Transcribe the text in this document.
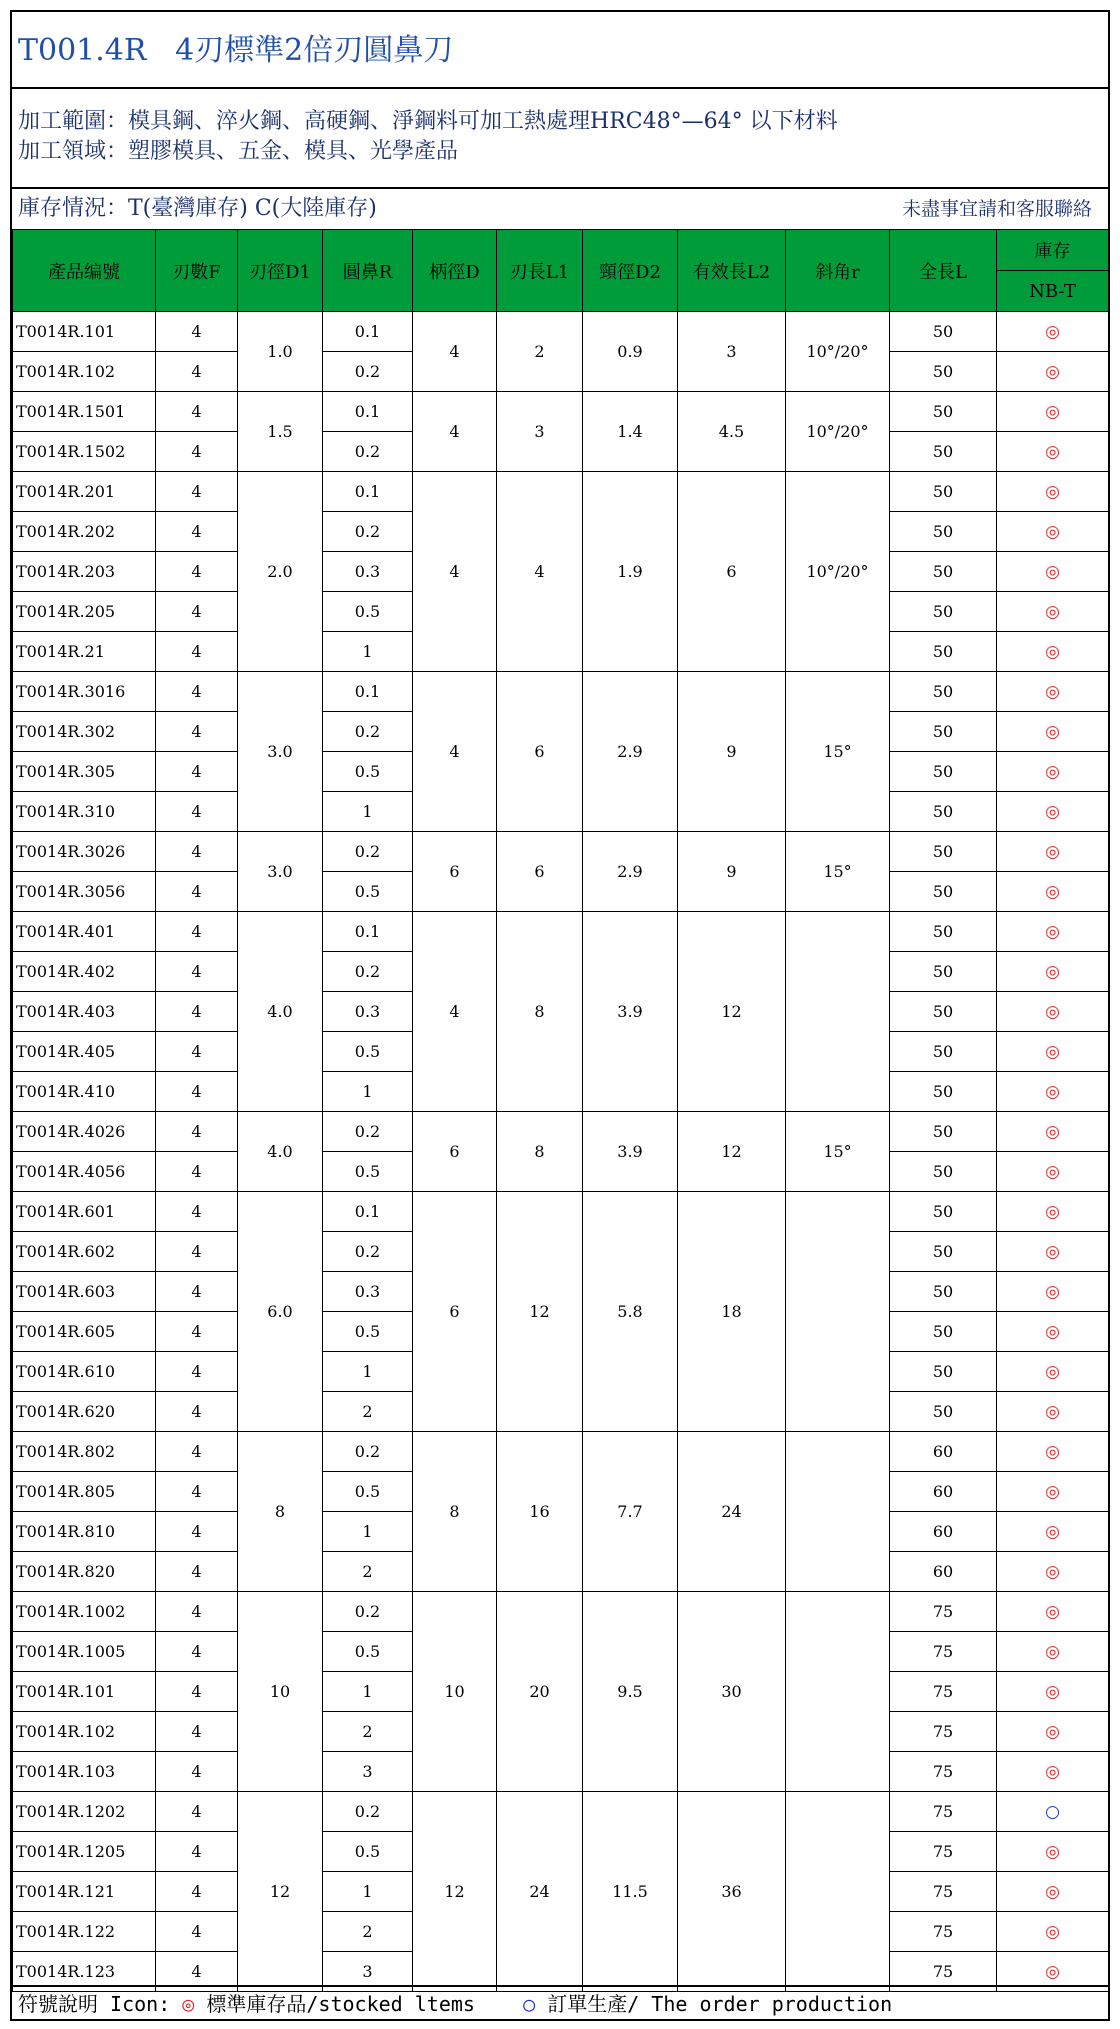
T001.4R   4刃標準2倍刃圓鼻刀
加工範圍：模具鋼、淬火鋼、高硬鋼、淨鋼料可加工熱處理HRC48°—64° 以下材料
加工領域：塑膠模具、五金、模具、光學產品
庫存情況：T(臺灣庫存) C(大陸庫存)	未盡事宜請和客服聯絡
產品编號	刃數F	刃徑D1	圓鼻R	柄徑D	刃長L1	頸徑D2	有效長L2	斜角r	全長L	庫存
										NB-T
T0014R.101	4	1.0	0.1	4	2	0.9	3	10°/20°	50	◎
T0014R.102	4		0.2						50	◎
T0014R.1501	4	1.5	0.1	4	3	1.4	4.5	10°/20°	50	◎
T0014R.1502	4		0.2						50	◎
T0014R.201	4	2.0	0.1	4	4	1.9	6	10°/20°	50	◎
T0014R.202	4		0.2						50	◎
T0014R.203	4		0.3						50	◎
T0014R.205	4		0.5						50	◎
T0014R.21	4		1						50	◎
T0014R.3016	4	3.0	0.1	4	6	2.9	9	15°	50	◎
T0014R.302	4		0.2						50	◎
T0014R.305	4		0.5						50	◎
T0014R.310	4		1						50	◎
T0014R.3026	4	3.0	0.2	6	6	2.9	9	15°	50	◎
T0014R.3056	4		0.5						50	◎
T0014R.401	4	4.0	0.1	4	8	3.9	12		50	◎
T0014R.402	4		0.2						50	◎
T0014R.403	4		0.3						50	◎
T0014R.405	4		0.5						50	◎
T0014R.410	4		1						50	◎
T0014R.4026	4	4.0	0.2	6	8	3.9	12	15°	50	◎
T0014R.4056	4		0.5						50	◎
T0014R.601	4	6.0	0.1	6	12	5.8	18		50	◎
T0014R.602	4		0.2						50	◎
T0014R.603	4		0.3						50	◎
T0014R.605	4		0.5						50	◎
T0014R.610	4		1						50	◎
T0014R.620	4		2						50	◎
T0014R.802	4	8	0.2	8	16	7.7	24		60	◎
T0014R.805	4		0.5						60	◎
T0014R.810	4		1						60	◎
T0014R.820	4		2						60	◎
T0014R.1002	4	10	0.2	10	20	9.5	30		75	◎
T0014R.1005	4		0.5						75	◎
T0014R.101	4		1						75	◎
T0014R.102	4		2						75	◎
T0014R.103	4		3						75	◎
T0014R.1202	4	12	0.2	12	24	11.5	36		75	○
T0014R.1205	4		0.5						75	◎
T0014R.121	4		1						75	◎
T0014R.122	4		2						75	◎
T0014R.123	4		3						75	◎
符號說明 Icon: ◎ 標準庫存品/stocked ltems    ○ 訂單生產/ The order production
